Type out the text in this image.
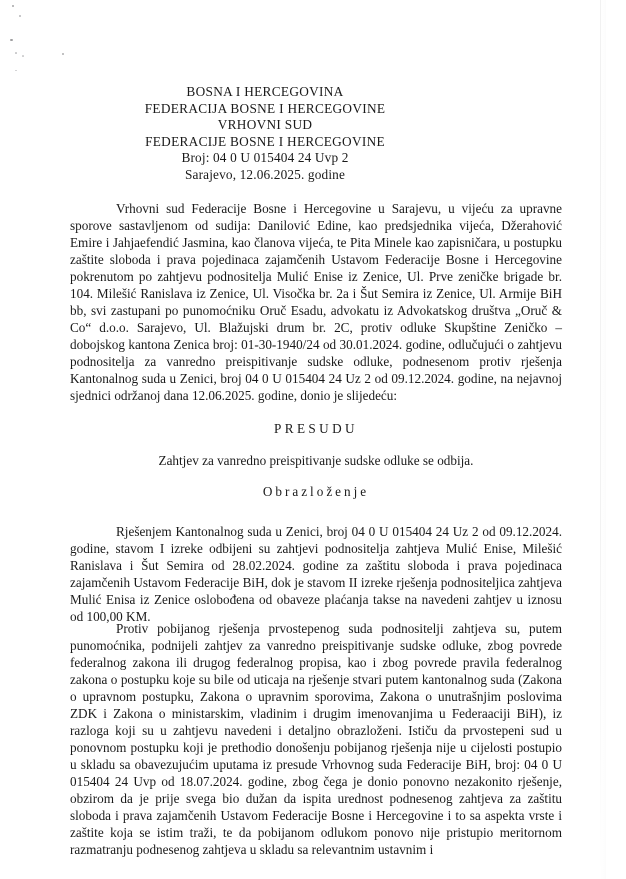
BOSNA I HERCEGOVINA
FEDERACIJA BOSNE I HERCEGOVINE
VRHOVNI SUD
FEDERACIJE BOSNE I HERCEGOVINE
Broj: 04 0 U 015404 24 Uvp 2
Sarajevo, 12.06.2025. godine

Vrhovni sud Federacije Bosne i Hercegovine u Sarajevu, u vijeću za upravne sporove sastavljenom od sudija: Danilović Edine, kao predsjednika vijeća, Džerahović Emire i Jahjaefendić Jasmina, kao članova vijeća, te Pita Minele kao zapisničara, u postupku zaštite sloboda i prava pojedinaca zajamčenih Ustavom Federacije Bosne i Hercegovine pokrenutom po zahtjevu podnositelja Mulić Enise iz Zenice, Ul. Prve zeničke brigade br. 104. Milešić Ranislava iz Zenice, Ul. Visočka br. 2a i Šut Semira iz Zenice, Ul. Armije BiH bb, svi zastupani po punomoćniku Oruč Esadu, advokatu iz Advokatskog društva „Oruč & Co“ d.o.o. Sarajevo, Ul. Blažujski drum br. 2C, protiv odluke Skupštine Zeničko – dobojskog kantona Zenica broj: 01-30-1940/24 od 30.01.2024. godine, odlučujući o zahtjevu podnositelja za vanredno preispitivanje sudske odluke, podnesenom protiv rješenja Kantonalnog suda u Zenici, broj 04 0 U 015404 24 Uz 2 od 09.12.2024. godine, na nejavnoj sjednici održanoj dana 12.06.2025. godine, donio je slijedeću:

PRESUDU
Zahtjev za vanredno preispitivanje sudske odluke se odbija.
Obrazloženje

Rješenjem Kantonalnog suda u Zenici, broj 04 0 U 015404 24 Uz 2 od 09.12.2024. godine, stavom I izreke odbijeni su zahtjevi podnositelja zahtjeva Mulić Enise, Milešić Ranislava i Šut Semira od 28.02.2024. godine za zaštitu sloboda i prava pojedinaca zajamčenih Ustavom Federacije BiH, dok je stavom II izreke rješenja podnositeljica zahtjeva Mulić Enisa iz Zenice oslobođena od obaveze plaćanja takse na navedeni zahtjev u iznosu od 100,00 KM.

Protiv pobijanog rješenja prvostepenog suda podnositelji zahtjeva su, putem punomoćnika, podnijeli zahtjev za vanredno preispitivanje sudske odluke, zbog povrede federalnog zakona ili drugog federalnog propisa, kao i zbog povrede pravila federalnog zakona o postupku koje su bile od uticaja na rješenje stvari putem kantonalnog suda (Zakona o upravnom postupku, Zakona o upravnim sporovima, Zakona o unutrašnjim poslovima ZDK i Zakona o ministarskim, vladinim i drugim imenovanjima u Federaaciji BiH), iz razloga koji su u zahtjevu navedeni i detaljno obrazloženi. Ističu da prvostepeni sud u ponovnom postupku koji je prethodio donošenju pobijanog rješenja nije u cijelosti postupio u skladu sa obavezujućim uputama iz presude Vrhovnog suda Federacije BiH, broj: 04 0 U 015404 24 Uvp od 18.07.2024. godine, zbog čega je donio ponovno nezakonito rješenje, obzirom da je prije svega bio dužan da ispita urednost podnesenog zahtjeva za zaštitu sloboda i prava zajamčenih Ustavom Federacije Bosne i Hercegovine i to sa aspekta vrste i zaštite koja se istim traži, te da pobijanom odlukom ponovo nije pristupio meritornom razmatranju podnesenog zahtjeva u skladu sa relevantnim ustavnim i
